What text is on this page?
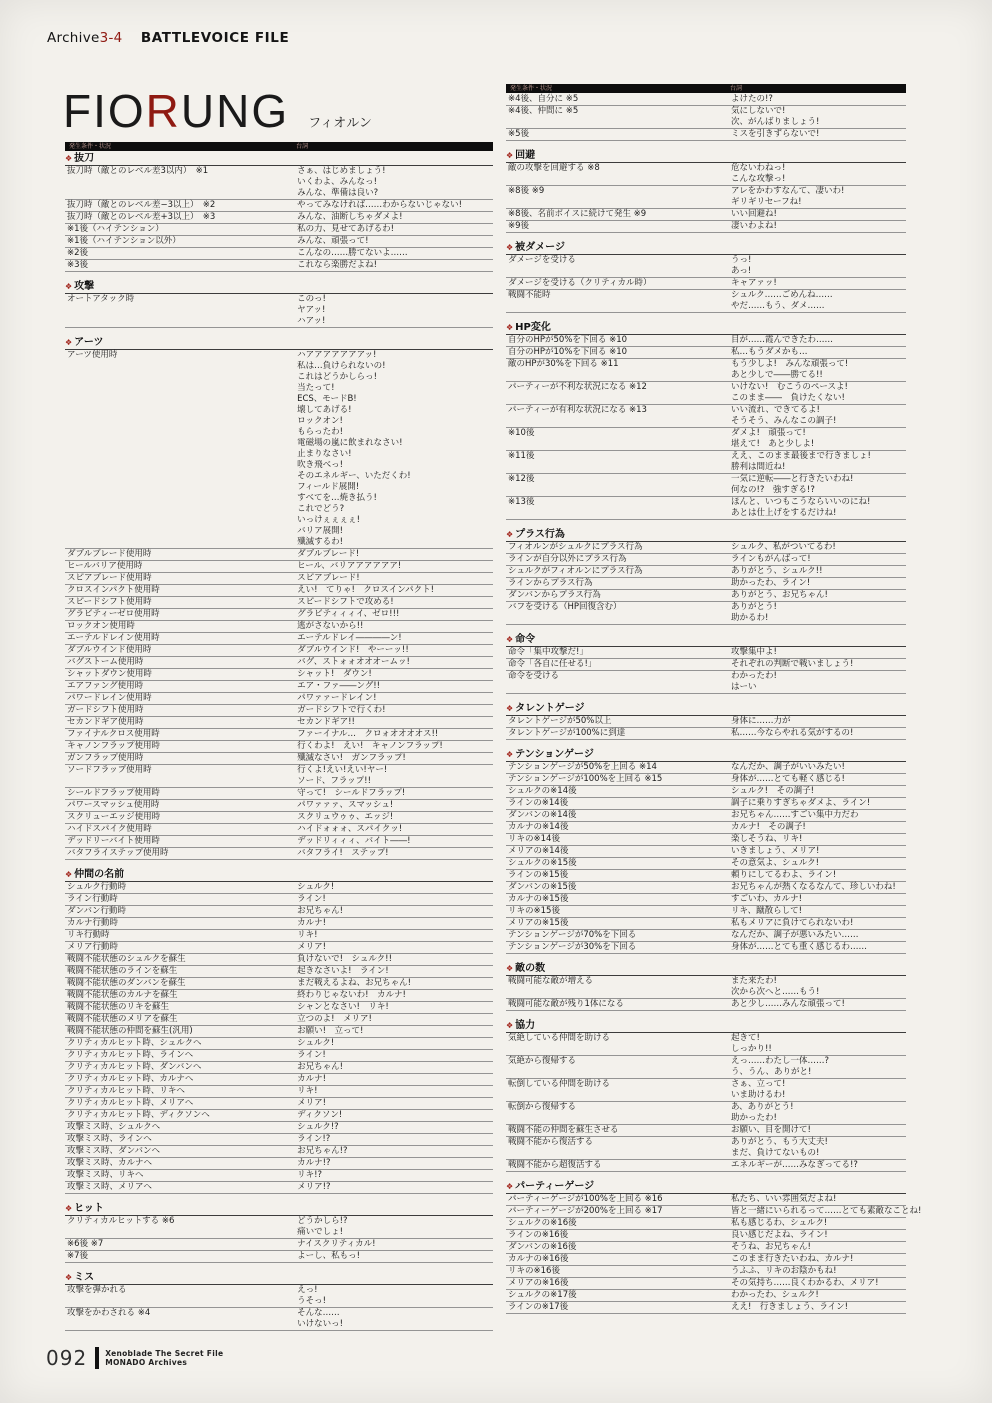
Archive3-4 BATTLEVOICE FILE
FIORUNG フィオルン
発生条件・状況	台詞
❖ 抜刀
抜刀時（敵とのレベル差3以内）　※1	さぁ、はじめましょう!
いくわよ、みんなっ!
みんな、準備は良い?
抜刀時（敵とのレベル差−3以上）　※2	やってみなければ……わからないじゃない!
抜刀時（敵とのレベル差+3以上）　※3	みんな、油断しちゃダメよ!
※1後（ハイテンション）	私の力、見せてあげるわ!
※1後（ハイテンション以外）	みんな、頑張って!
※2後	こんなの……勝てないよ……
※3後	これなら楽勝だよね!
❖ 攻撃
オートアタック時	このっ!
ヤアッ!
ハアッ!
❖ アーツ
アーツ使用時	ハアアアアアアアッ!
私は…負けられないの!
これはどうかしらっ!
当たって!
ECS、モードB!
壊してあげる!
ロックオン!
もらったわ!
電磁場の嵐に飲まれなさい!
止まりなさい!
吹き飛べっ!
そのエネルギー、いただくわ!
フィールド展開!
すべてを…焼き払う!
これでどう?
いっけぇぇぇぇ!
バリア展開!
殲滅するわ!
ダブルブレード使用時	ダブルブレード!
ヒールバリア使用時	ヒール、バリアアアアアア!
スピアブレード使用時	スピアブレード!
クロスインパクト使用時	えい!　てりゃ!　クロスインパクト!
スピードシフト使用時	スピードシフトで攻める!
グラビティーゼロ使用時	グラビティィィイ、ゼロ!!!
ロックオン使用時	逃がさないから!!
エーテルドレイン使用時	エーテルドレイ――――ン!
ダブルウインド使用時	ダブルウインド!　やーーッ!!
バグストーム使用時	バグ、ストォォオオオームッ!
シャットダウン使用時	シャット!　ダウン!
エアファング使用時	エア・ファ――ング!!
パワードレイン使用時	パワァァードレイン!
ガードシフト使用時	ガードシフトで行くわ!
セカンドギア使用時	セカンドギア!!
ファイナルクロス使用時	ファーイナル…　クロォオオオオス!!
キャノンフラップ使用時	行くわよ!　えい!　キャノンフラップ!
ガンフラップ使用時	殲滅なさい!　ガンフラップ!
ソードフラップ使用時	行くよ!えい!えい!ヤー!
ソード、フラップ!!
シールドフラップ使用時	守って!　シールドフラップ!
パワースマッシュ使用時	パワァァァ、スマッシュ!
スクリューエッジ使用時	スクリュウゥゥ、エッジ!
ハイドスパイク使用時	ハイドォォォ、スパイクッ!
デッドリーバイト使用時	デッドリィィィ、バイト――!
バタフライステップ使用時	バタフライ!　ステップ!
❖ 仲間の名前
シュルク行動時	シュルク!
ライン行動時	ライン!
ダンバン行動時	お兄ちゃん!
カルナ行動時	カルナ!
リキ行動時	リキ!
メリア行動時	メリア!
戦闘不能状態のシュルクを蘇生	負けないで!　シュルク!!
戦闘不能状態のラインを蘇生	起きなさいよ!　ライン!
戦闘不能状態のダンバンを蘇生	まだ戦えるよね、お兄ちゃん!
戦闘不能状態のカルナを蘇生	終わりじゃないわ!　カルナ!
戦闘不能状態のリキを蘇生	シャンとなさい!　リキ!
戦闘不能状態のメリアを蘇生	立つのよ!　メリア!
戦闘不能状態の仲間を蘇生(汎用)	お願い!　立って!
クリティカルヒット時、シュルクへ	シュルク!
クリティカルヒット時、ラインへ	ライン!
クリティカルヒット時、ダンバンへ	お兄ちゃん!
クリティカルヒット時、カルナへ	カルナ!
クリティカルヒット時、リキへ	リキ!
クリティカルヒット時、メリアへ	メリア!
クリティカルヒット時、ディクソンへ	ディクソン!
攻撃ミス時、シュルクへ	シュルク!?
攻撃ミス時、ラインへ	ライン!?
攻撃ミス時、ダンバンへ	お兄ちゃん!?
攻撃ミス時、カルナへ	カルナ!?
攻撃ミス時、リキへ	リキ!?
攻撃ミス時、メリアへ	メリア!?
❖ ヒット
クリティカルヒットする ※6	どうかしら!?
痛いでしょ!
※6後 ※7	ナイスクリティカル!
※7後	よーし、私もっ!
❖ ミス
攻撃を弾かれる	えっ!
うそっ!
攻撃をかわされる ※4	そんな……
いけないっ!
発生条件・状況	台詞
※4後、自分に ※5	よけたの!?
※4後、仲間に ※5	気にしないで!
次、がんばりましょう!
※5後	ミスを引きずらないで!
❖ 回避
敵の攻撃を回避する ※8	危ないわねっ!
こんな攻撃っ!
※8後 ※9	アレをかわすなんて、凄いわ!
ギリギリセーフね!
※8後、名前ボイスに続けて発生 ※9	いい回避ね!
※9後	凄いわよね!
❖ 被ダメージ
ダメージを受ける	うっ!
あっ!
ダメージを受ける（クリティカル時）	キャアァッ!
戦闘不能時	シュルク……ごめんね……
やだ……もう、ダメ……
❖ HP変化
自分のHPが50%を下回る ※10	目が……霞んできたわ……
自分のHPが10%を下回る ※10	私…もうダメかも…
敵のHPが30%を下回る ※11	もう少しよ!　みんな頑張って!
あと少しで――勝てる!!
パーティーが不利な状況になる ※12	いけない!　むこうのペースよ!
このまま――　負けたくない!
パーティーが有利な状況になる ※13	いい流れ、できてるよ!
そうそう、みんなこの調子!
※10後	ダメよ!　頑張って!
堪えて!　あと少しよ!
※11後	ええ、このまま最後まで行きましょ!
勝利は間近ね!
※12後	一気に逆転――と行きたいわね!
何なの!?　強すぎる!?
※13後	ほんと、いつもこうならいいのにね!
あとは仕上げをするだけね!
❖ プラス行為
フィオルンがシュルクにプラス行為	シュルク、私がついてるわ!
ラインが自分以外にプラス行為	ラインもがんばって!
シュルクがフィオルンにプラス行為	ありがとう、シュルク!!
ラインからプラス行為	助かったわ、ライン!
ダンバンからプラス行為	ありがとう、お兄ちゃん!
バフを受ける（HP回復含む）	ありがとう!
助かるわ!
❖ 命令
命令「集中攻撃だ!」	攻撃集中よ!
命令「各自に任せる!」	それぞれの判断で戦いましょう!
命令を受ける	わかったわ!
はーい
❖ タレントゲージ
タレントゲージが50%以上	身体に……力が
タレントゲージが100%に到達	私……今ならやれる気がするの!
❖ テンションゲージ
テンションゲージが50%を上回る ※14	なんだか、調子がいいみたい!
テンションゲージが100%を上回る ※15	身体が……とても軽く感じる!
シュルクの※14後	シュルク!　その調子!
ラインの※14後	調子に乗りすぎちゃダメよ、ライン!
ダンバンの※14後	お兄ちゃん……すごい集中力だわ
カルナの※14後	カルナ!　その調子!
リキの※14後	楽しそうね、リキ!
メリアの※14後	いきましょう、メリア!
シュルクの※15後	その意気よ、シュルク!
ラインの※15後	頼りにしてるわよ、ライン!
ダンバンの※15後	お兄ちゃんが熱くなるなんて、珍しいわね!
カルナの※15後	すごいわ、カルナ!
リキの※15後	リキ、蹴散らして!
メリアの※15後	私もメリアに負けてられないわ!
テンションゲージが70%を下回る	なんだか、調子が悪いみたい……
テンションゲージが30%を下回る	身体が……とても重く感じるわ……
❖ 敵の数
戦闘可能な敵が増える	また来たわ!
次から次へと……もう!
戦闘可能な敵が残り1体になる	あと少し……みんな頑張って!
❖ 協力
気絶している仲間を助ける	起きて!
しっかり!!
気絶から復帰する	えっ……わたし一体……?
う、うん、ありがと!
転倒している仲間を助ける	さぁ、立って!
いま助けるわ!
転倒から復帰する	あ、ありがとう!
助かったわ!
戦闘不能の仲間を蘇生させる	お願い、目を開けて!
戦闘不能から復活する	ありがとう、もう大丈夫!
まだ、負けてないもの!
戦闘不能から超復活する	エネルギーが……みなぎってる!?
❖ パーティーゲージ
パーティーゲージが100%を上回る ※16	私たち、いい雰囲気だよね!
パーティーゲージが200%を上回る ※17	皆と一緒にいられるって……とても素敵なことね!
シュルクの※16後	私も感じるわ、シュルク!
ラインの※16後	良い感じだよね、ライン!
ダンバンの※16後	そうね、お兄ちゃん!
カルナの※16後	このまま行きたいわね、カルナ!
リキの※16後	うふふ、リキのお陰かもね!
メリアの※16後	その気持ち……良くわかるわ、メリア!
シュルクの※17後	わかったわ、シュルク!
ラインの※17後	ええ!　行きましょう、ライン!
092 Xenoblade The Secret File
MONADO Archives
